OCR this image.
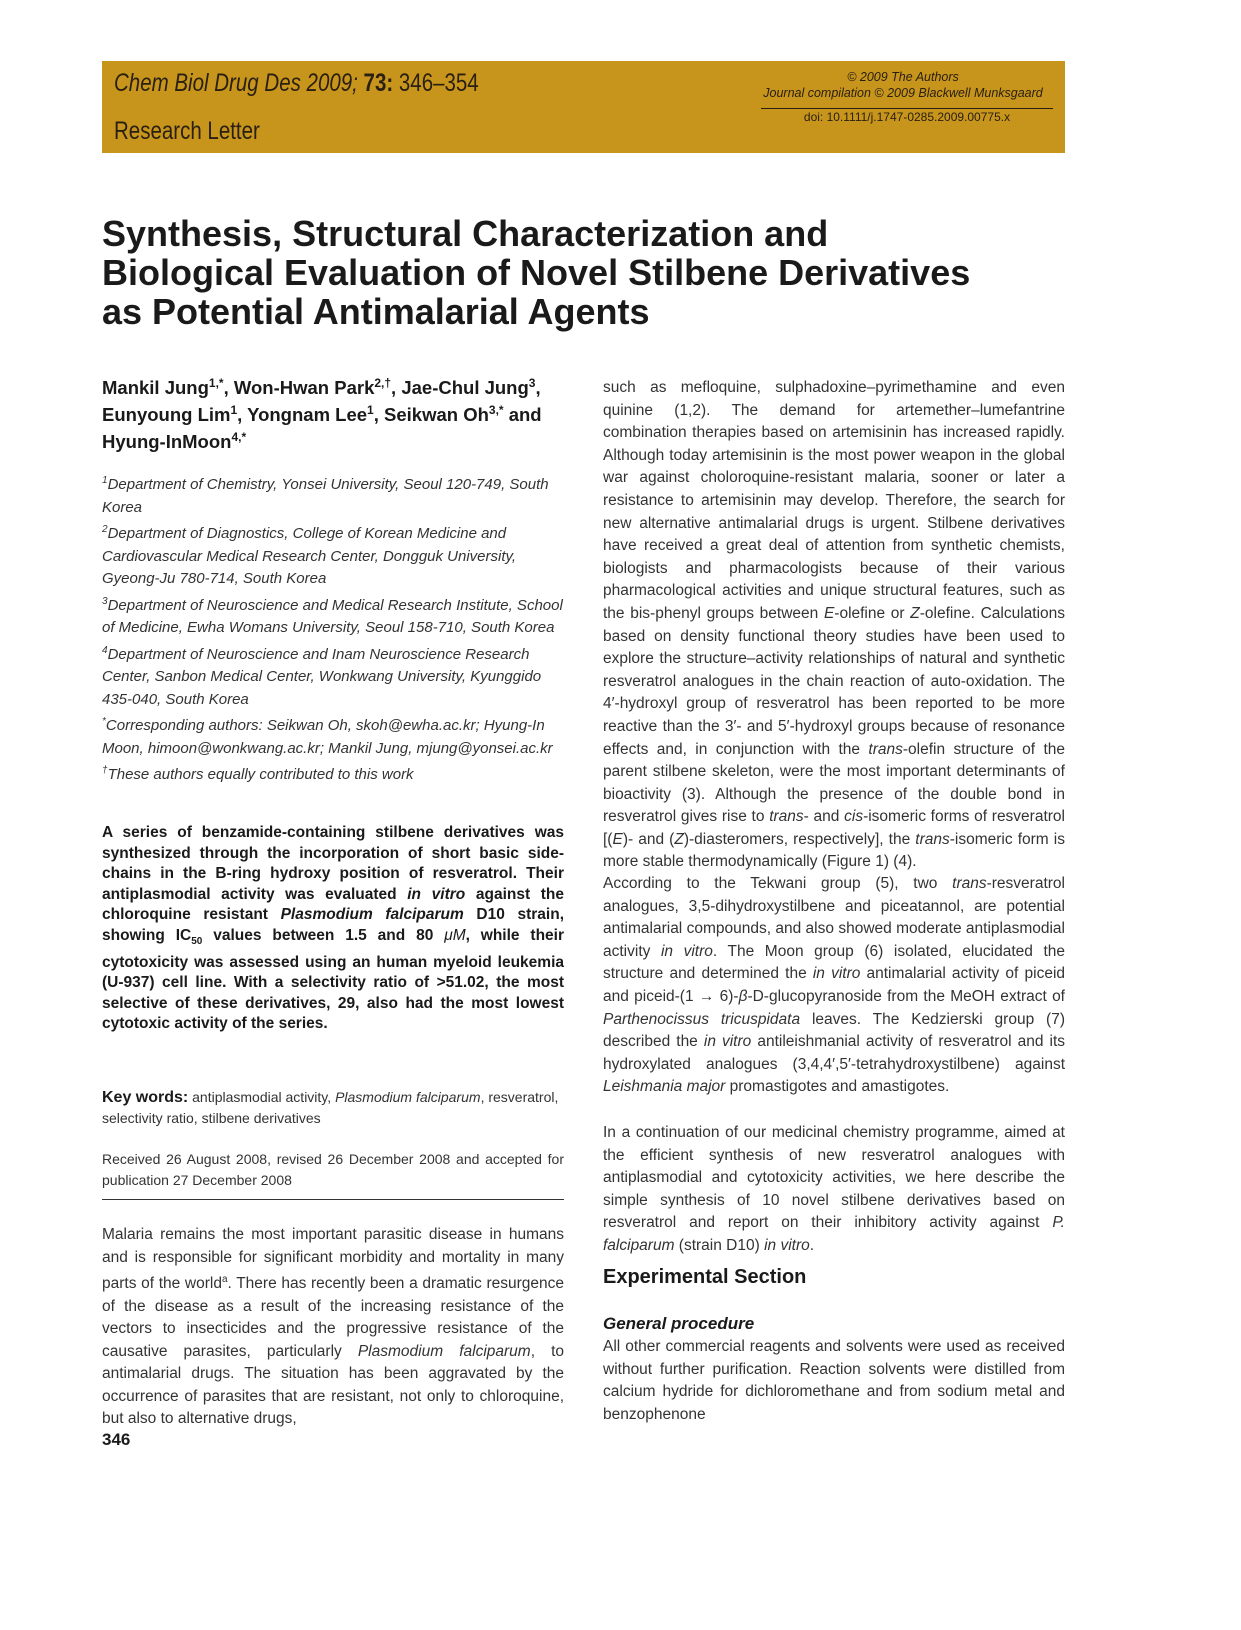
Chem Biol Drug Des 2009; 73: 346–354
Research Letter
© 2009 The Authors
Journal compilation © 2009 Blackwell Munksgaard
doi: 10.1111/j.1747-0285.2009.00775.x
Synthesis, Structural Characterization and Biological Evaluation of Novel Stilbene Derivatives as Potential Antimalarial Agents
Mankil Jung$^{1,*}$, Won-Hwan Park$^{2,\dagger}$, Jae-Chul Jung$^3$, Eunyoung Lim$^1$, Yongnam Lee$^1$, Seikwan $Oh^{3,*}$ and Hyung-InMoon$^{4,*}$

$^1$Department of Chemistry, Yonsei University, Seoul 120-749, South Korea

$^2$Department of Diagnostics, College of Korean Medicine and Cardiovascular Medical Research Center, Dongguk University, Gyeong-Ju 780-714, South Korea

$^3$Department of Neuroscience and Medical Research Institute, School of Medicine, Ewha Womans University, Seoul 158-710, South Korea

$^4$Department of Neuroscience and Inam Neuroscience Research Center, Sanbon Medical Center, Wonkwang University, Kyunggido 435-040, South Korea

*Corresponding authors: Seikwan Oh, skoh@ewha.ac.kr; Hyung-In Moon, himoon@wonkwang.ac.kr; Mankil Jung, mjung@yonsei.ac.kr

†These authors equally contributed to this work

A series of benzamide-containing stilbene derivatives was synthesized through the incorporation of short basic side-chains in the B-ring hydroxy position of resveratrol. Their antiplasmodial activity was evaluated in vitro against the chloroquine resistant Plasmodium falciparum D10 strain, showing $IC_{50}$ values between 1.5 and 80 μM, while their cytotoxicity was assessed using an human myeloid leukemia (U-937) cell line. With a selectivity ratio of >51.02, the most selective of these derivatives, 29, also had the most lowest cytotoxic activity of the series.
Key words: antiplasmodial activity, Plasmodium falciparum, resveratrol, selectivity ratio, stilbene derivatives
Received 26 August 2008, revised 26 December 2008 and accepted for publication 27 December 2008
Malaria remains the most important parasitic disease in humans and is responsible for significant morbidity and mortality in many parts of the world$^a$. There has recently been a dramatic resurgence of the disease as a result of the increasing resistance of the vectors to insecticides and the progressive resistance of the causative parasites, particularly Plasmodium falciparum, to antimalarial drugs. The situation has been aggravated by the occurrence of parasites that are resistant, not only to chloroquine, but also to alternative drugs,
346
such as mefloquine, sulphadoxine–pyrimethamine and even quinine (1,2). The demand for artemether–lumefantrine combination therapies based on artemisinin has increased rapidly. Although today artemisinin is the most power weapon in the global war against choloroquine-resistant malaria, sooner or later a resistance to artemisinin may develop. Therefore, the search for new alternative antimalarial drugs is urgent. Stilbene derivatives have received a great deal of attention from synthetic chemists, biologists and pharmacologists because of their various pharmacological activities and unique structural features, such as the bis-phenyl groups between E-olefine or Z-olefine. Calculations based on density functional theory studies have been used to explore the structure–activity relationships of natural and synthetic resveratrol analogues in the chain reaction of auto-oxidation. The 4′-hydroxyl group of resveratrol has been reported to be more reactive than the 3′- and 5′-hydroxyl groups because of resonance effects and, in conjunction with the trans-olefin structure of the parent stilbene skeleton, were the most important determinants of bioactivity (3). Although the presence of the double bond in resveratrol gives rise to trans- and cis-isomeric forms of resveratrol [(E)- and (Z)-diasteromers, respectively], the trans-isomeric form is more stable thermodynamically (Figure 1) (4).
According to the Tekwani group (5), two trans-resveratrol analogues, 3,5-dihydroxystilbene and piceatannol, are potential antimalarial compounds, and also showed moderate antiplasmodial activity in vitro. The Moon group (6) isolated, elucidated the structure and determined the in vitro antimalarial activity of piceid and piceid-(1 → 6)-β-D-glucopyranoside from the MeOH extract of Parthenocissus tricuspidata leaves. The Kedzierski group (7) described the in vitro antileishmanial activity of resveratrol and its hydroxylated analogues (3,4,4′,5′-tetrahydroxystilbene) against Leishmania major promastigotes and amastigotes.
In a continuation of our medicinal chemistry programme, aimed at the efficient synthesis of new resveratrol analogues with antiplasmodial and cytotoxicity activities, we here describe the simple synthesis of 10 novel stilbene derivatives based on resveratrol and report on their inhibitory activity against P. falciparum (strain D10) in vitro.
Experimental Section
General procedure
All other commercial reagents and solvents were used as received without further purification. Reaction solvents were distilled from calcium hydride for dichloromethane and from sodium metal and benzophenone
